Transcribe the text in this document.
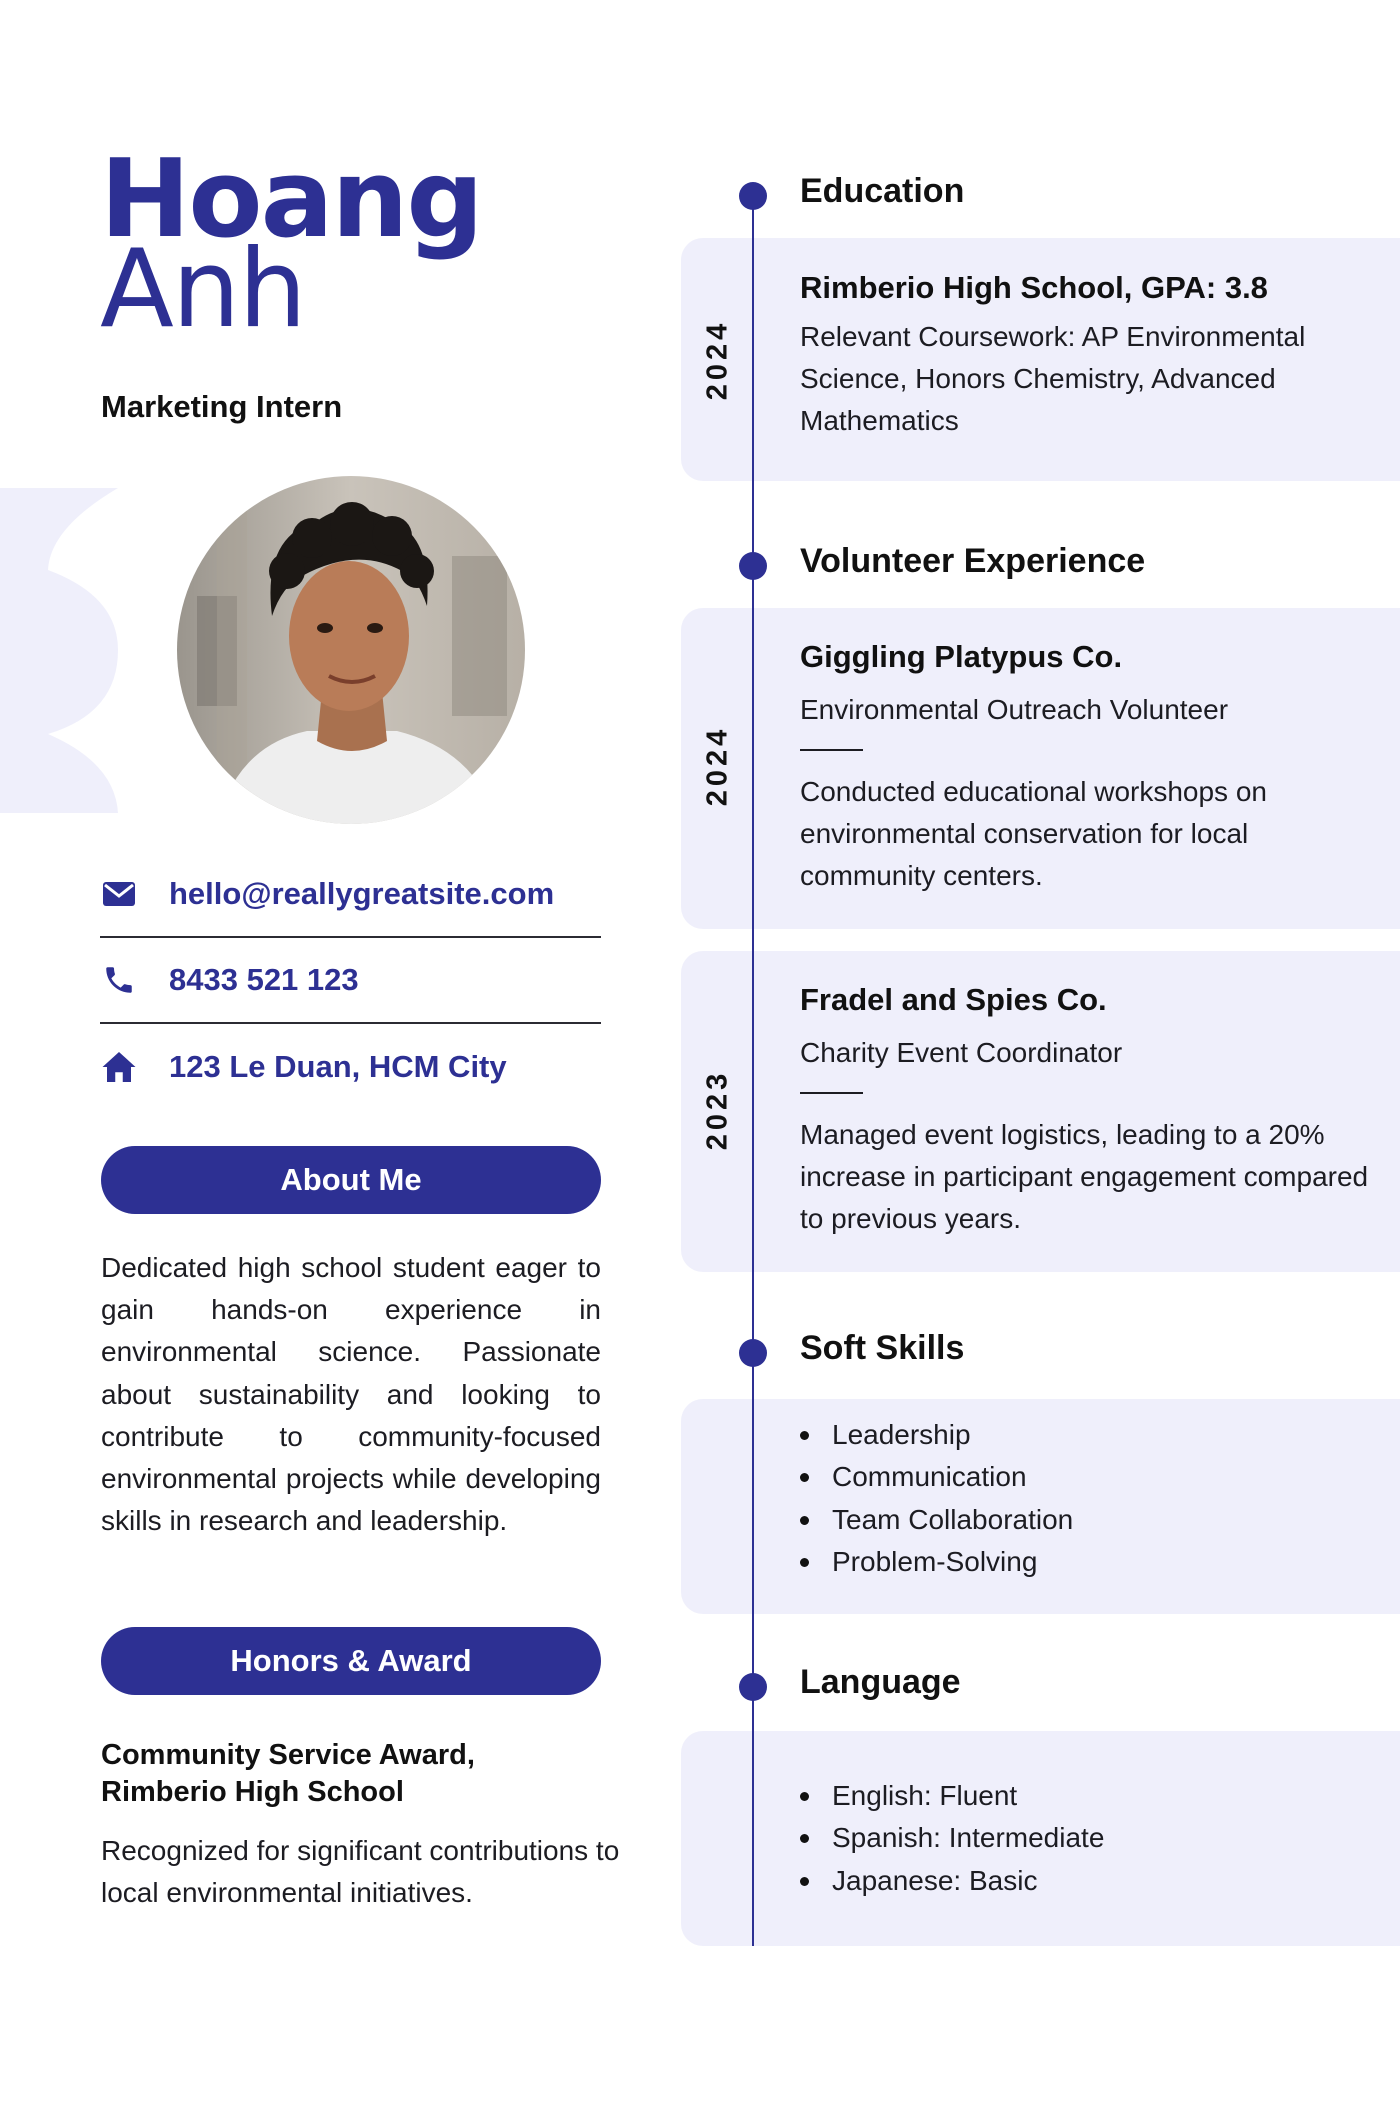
Hoang
Anh
Marketing Intern
hello@reallygreatsite.com
8433 521 123
123 Le Duan, HCM City
About Me

Dedicated high school student eager to gain hands-on experience in environmental science. Passionate about sustainability and looking to contribute to community-focused environmental projects while developing skills in research and leadership.

Honors & Award
Community Service Award,
Rimberio High School

Recognized for significant contributions to local environmental initiatives.

Education
2024
Rimberio High School, GPA: 3.8
Relevant Coursework: AP Environmental Science, Honors Chemistry, Advanced Mathematics
Volunteer Experience
2024
Giggling Platypus Co.
Environmental Outreach Volunteer
Conducted educational workshops on environmental conservation for local community centers.
2023
Fradel and Spies Co.
Charity Event Coordinator
Managed event logistics, leading to a 20% increase in participant engagement compared to previous years.
Soft Skills
Leadership
Communication
Team Collaboration
Problem-Solving
Language
English: Fluent
Spanish: Intermediate
Japanese: Basic
